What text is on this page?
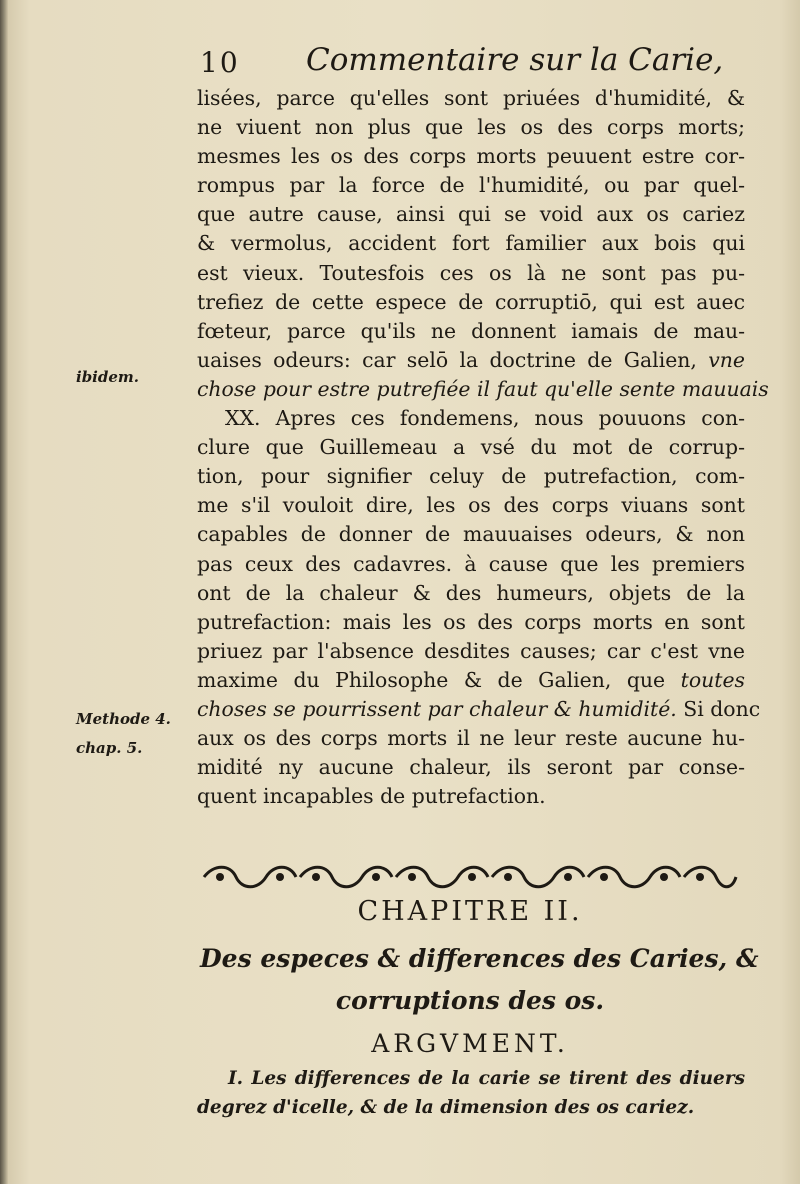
10 Commentaire sur la Carie,
ibidem.
Methode 4.
chap. 5.
lisées, parce qu'elles sont priuées d'humidité, &
ne viuent non plus que les os des corps morts;
mesmes les os des corps morts peuuent estre cor-
rompus par la force de l'humidité, ou par quel-
que autre cause, ainsi qui se void aux os cariez
& vermolus, accident fort familier aux bois qui
est vieux. Toutesfois ces os là ne sont pas pu-
trefiez de cette espece de corruptiō, qui est auec
fœteur, parce qu'ils ne donnent iamais de mau-
uaises odeurs: car selō la doctrine de Galien, vne
chose pour estre putrefiée il faut qu'elle sente mauuais
XX. Apres ces fondemens, nous pouuons con-
clure que Guillemeau a vsé du mot de corrup-
tion, pour signifier celuy de putrefaction, com-
me s'il vouloit dire, les os des corps viuans sont
capables de donner de mauuaises odeurs, & non
pas ceux des cadavres. à cause que les premiers
ont de la chaleur & des humeurs, objets de la
putrefaction: mais les os des corps morts en sont
priuez par l'absence desdites causes; car c'est vne
maxime du Philosophe & de Galien, que toutes
choses se pourrissent par chaleur & humidité. Si donc
aux os des corps morts il ne leur reste aucune hu-
midité ny aucune chaleur, ils seront par conse-
quent incapables de putrefaction.
CHAPITRE II.
Des especes & differences des Caries, &
corruptions des os.
ARGVMENT.
I. Les differences de la carie se tirent des diuers
degrez d'icelle, & de la dimension des os cariez.
